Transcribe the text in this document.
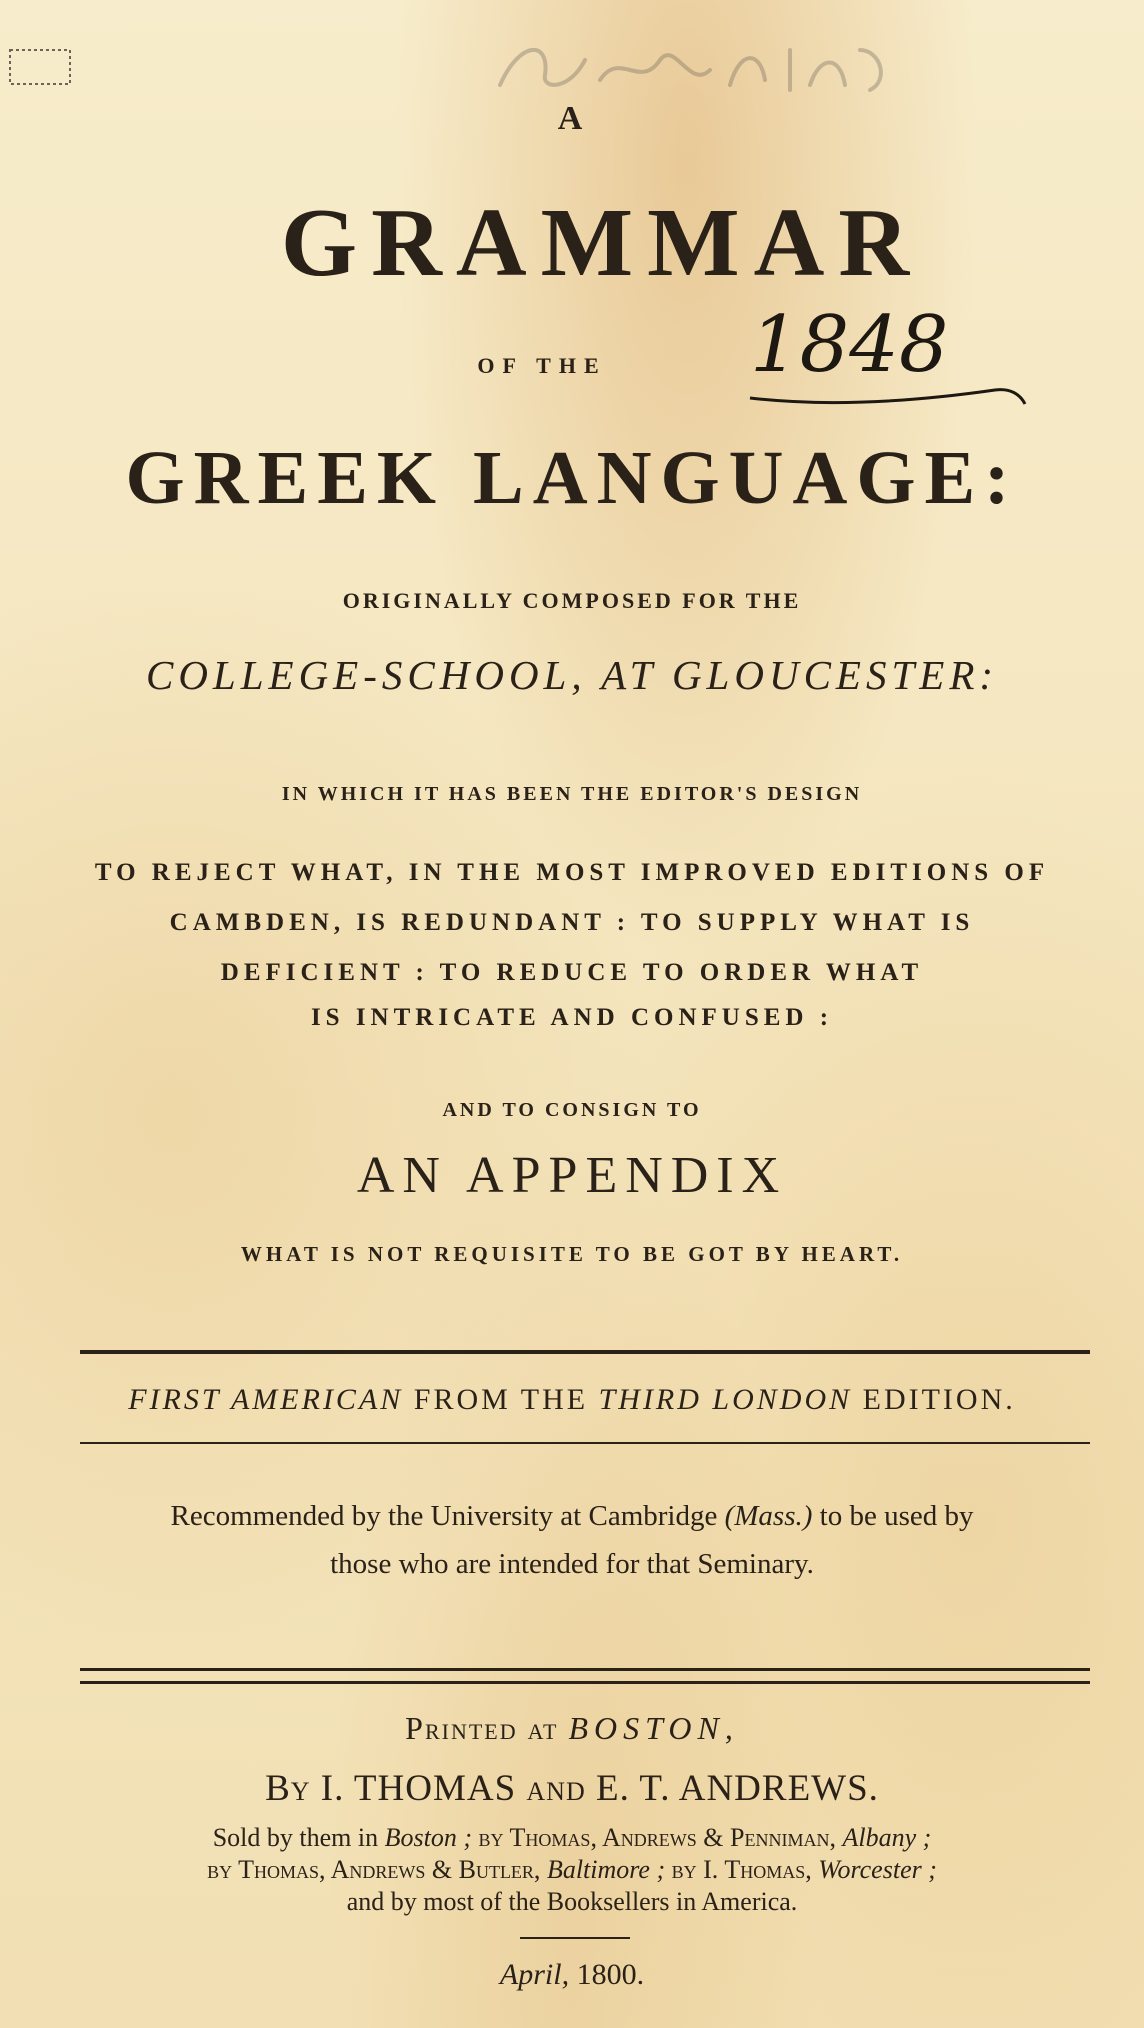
A
GRAMMAR
OF THE	1848
GREEK LANGUAGE:
ORIGINALLY COMPOSED FOR THE
COLLEGE-SCHOOL, AT GLOUCESTER:
IN WHICH IT HAS BEEN THE EDITOR'S DESIGN
TO REJECT WHAT, IN THE MOST IMPROVED EDITIONS OF
CAMBDEN, IS REDUNDANT : TO SUPPLY WHAT IS
DEFICIENT : TO REDUCE TO ORDER WHAT
IS INTRICATE AND CONFUSED :
AND TO CONSIGN TO
AN APPENDIX
WHAT IS NOT REQUISITE TO BE GOT BY HEART.
FIRST AMERICAN FROM THE THIRD LONDON EDITION.
Recommended by the University at Cambridge (Mass.) to be used by
those who are intended for that Seminary.
Printed at BOSTON,
By I. THOMAS and E. T. ANDREWS.
Sold by them in Boston ; by Thomas, Andrews & Penniman, Albany ;
by Thomas, Andrews & Butler, Baltimore ; by I. Thomas, Worcester ;
and by most of the Booksellers in America.
April, 1800.
